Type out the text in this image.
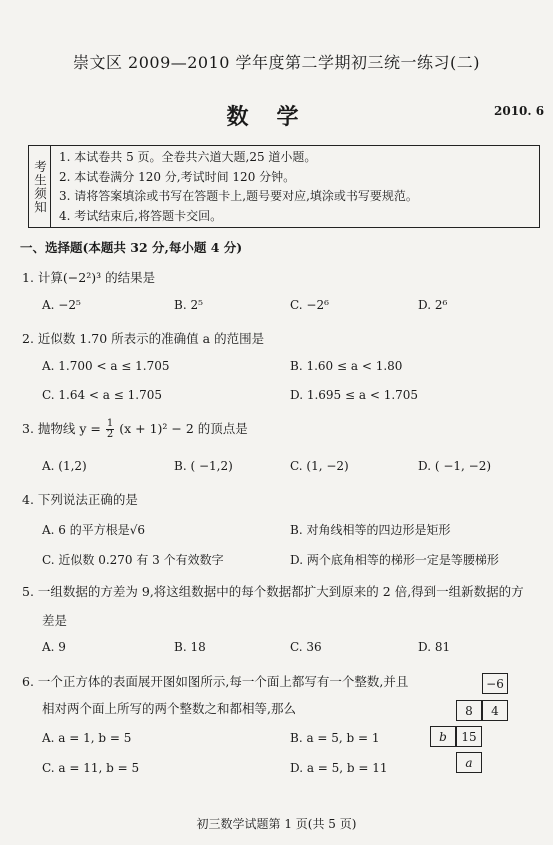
崇文区 2009—2010 学年度第二学期初三统一练习(二)
数学	2010. 6
考生须知
1. 本试卷共 5 页。全卷共六道大题,25 道小题。
2. 本试卷满分 120 分,考试时间 120 分钟。
3. 请将答案填涂或书写在答题卡上,题号要对应,填涂或书写要规范。
4. 考试结束后,将答题卡交回。
一、选择题(本题共 32 分,每小题 4 分)
1. 计算(−2²)³ 的结果是
A. −2⁵	B. 2⁵	C. −2⁶	D. 2⁶
2. 近似数 1.70 所表示的准确值 a 的范围是
A. 1.700 < a ≤ 1.705	B. 1.60 ≤ a < 1.80
C. 1.64 < a ≤ 1.705	D. 1.695 ≤ a < 1.705
3. 抛物线 $y = \frac{1}{2} (x + 1)^2 - 2$ 的顶点是
A. (1,2)	B. ( −1,2)	C. (1, −2)	D. ( −1, −2)
4. 下列说法正确的是
A. 6 的平方根是√6	B. 对角线相等的四边形是矩形
C. 近似数 0.270 有 3 个有效数字	D. 两个底角相等的梯形一定是等腰梯形
5. 一组数据的方差为 9,将这组数据中的每个数据都扩大到原来的 2 倍,得到一组新数据的方
差是
A. 9	B. 18	C. 36	D. 81
6. 一个正方体的表面展开图如图所示,每一个面上都写有一个整数,并且
相对两个面上所写的两个整数之和都相等,那么
A. a = 1, b = 5	B. a = 5, b = 1
C. a = 11, b = 5	D. a = 5, b = 11
−6
8	4
b	15
a
初三数学试题第 1 页(共 5 页)
